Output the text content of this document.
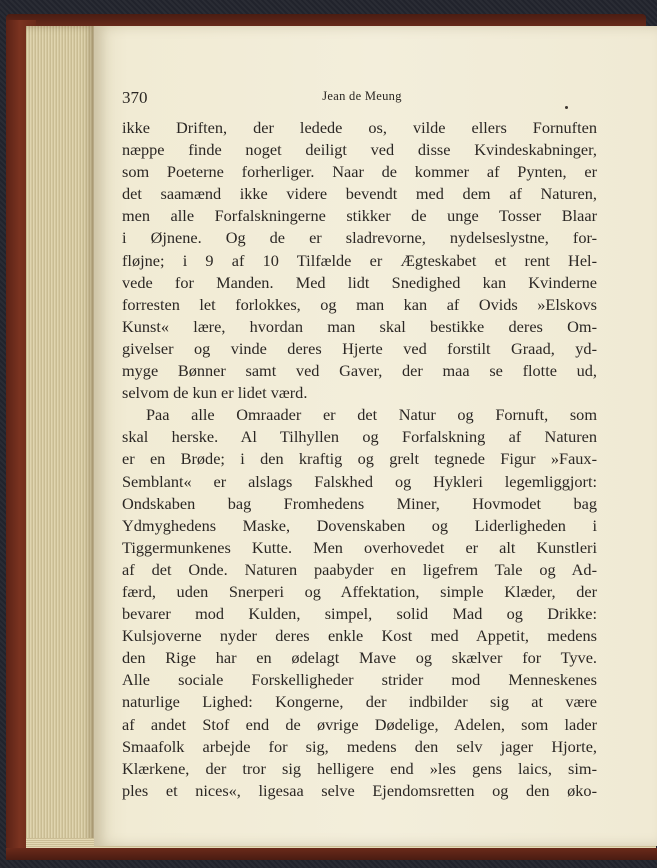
370	Jean de Meung
ikke Driften, der ledede os, vilde ellers Fornuften
næppe finde noget deiligt ved disse Kvindeskabninger,
som Poeterne forherliger. Naar de kommer af Pynten, er
det saamænd ikke videre bevendt med dem af Naturen,
men alle Forfalskningerne stikker de unge Tosser Blaar
i Øjnene. Og de er sladrevorne, nydelseslystne, for-
fløjne; i 9 af 10 Tilfælde er Ægteskabet et rent Hel-
vede for Manden. Med lidt Snedighed kan Kvinderne
forresten let forlokkes, og man kan af Ovids »Elskovs
Kunst« lære, hvordan man skal bestikke deres Om-
givelser og vinde deres Hjerte ved forstilt Graad, yd-
myge Bønner samt ved Gaver, der maa se flotte ud,
selvom de kun er lidet værd.
Paa alle Omraader er det Natur og Fornuft, som
skal herske. Al Tilhyllen og Forfalskning af Naturen
er en Brøde; i den kraftig og grelt tegnede Figur »Faux-
Semblant« er alslags Falskhed og Hykleri legemliggjort:
Ondskaben bag Fromhedens Miner, Hovmodet bag
Ydmyghedens Maske, Dovenskaben og Liderligheden i
Tiggermunkenes Kutte. Men overhovedet er alt Kunstleri
af det Onde. Naturen paabyder en ligefrem Tale og Ad-
færd, uden Snerperi og Affektation, simple Klæder, der
bevarer mod Kulden, simpel, solid Mad og Drikke:
Kulsjoverne nyder deres enkle Kost med Appetit, medens
den Rige har en ødelagt Mave og skælver for Tyve.
Alle sociale Forskelligheder strider mod Menneskenes
naturlige Lighed: Kongerne, der indbilder sig at være
af andet Stof end de øvrige Dødelige, Adelen, som lader
Smaafolk arbejde for sig, medens den selv jager Hjorte,
Klærkene, der tror sig helligere end »les gens laics, sim-
ples et nices«, ligesaa selve Ejendomsretten og den øko-
